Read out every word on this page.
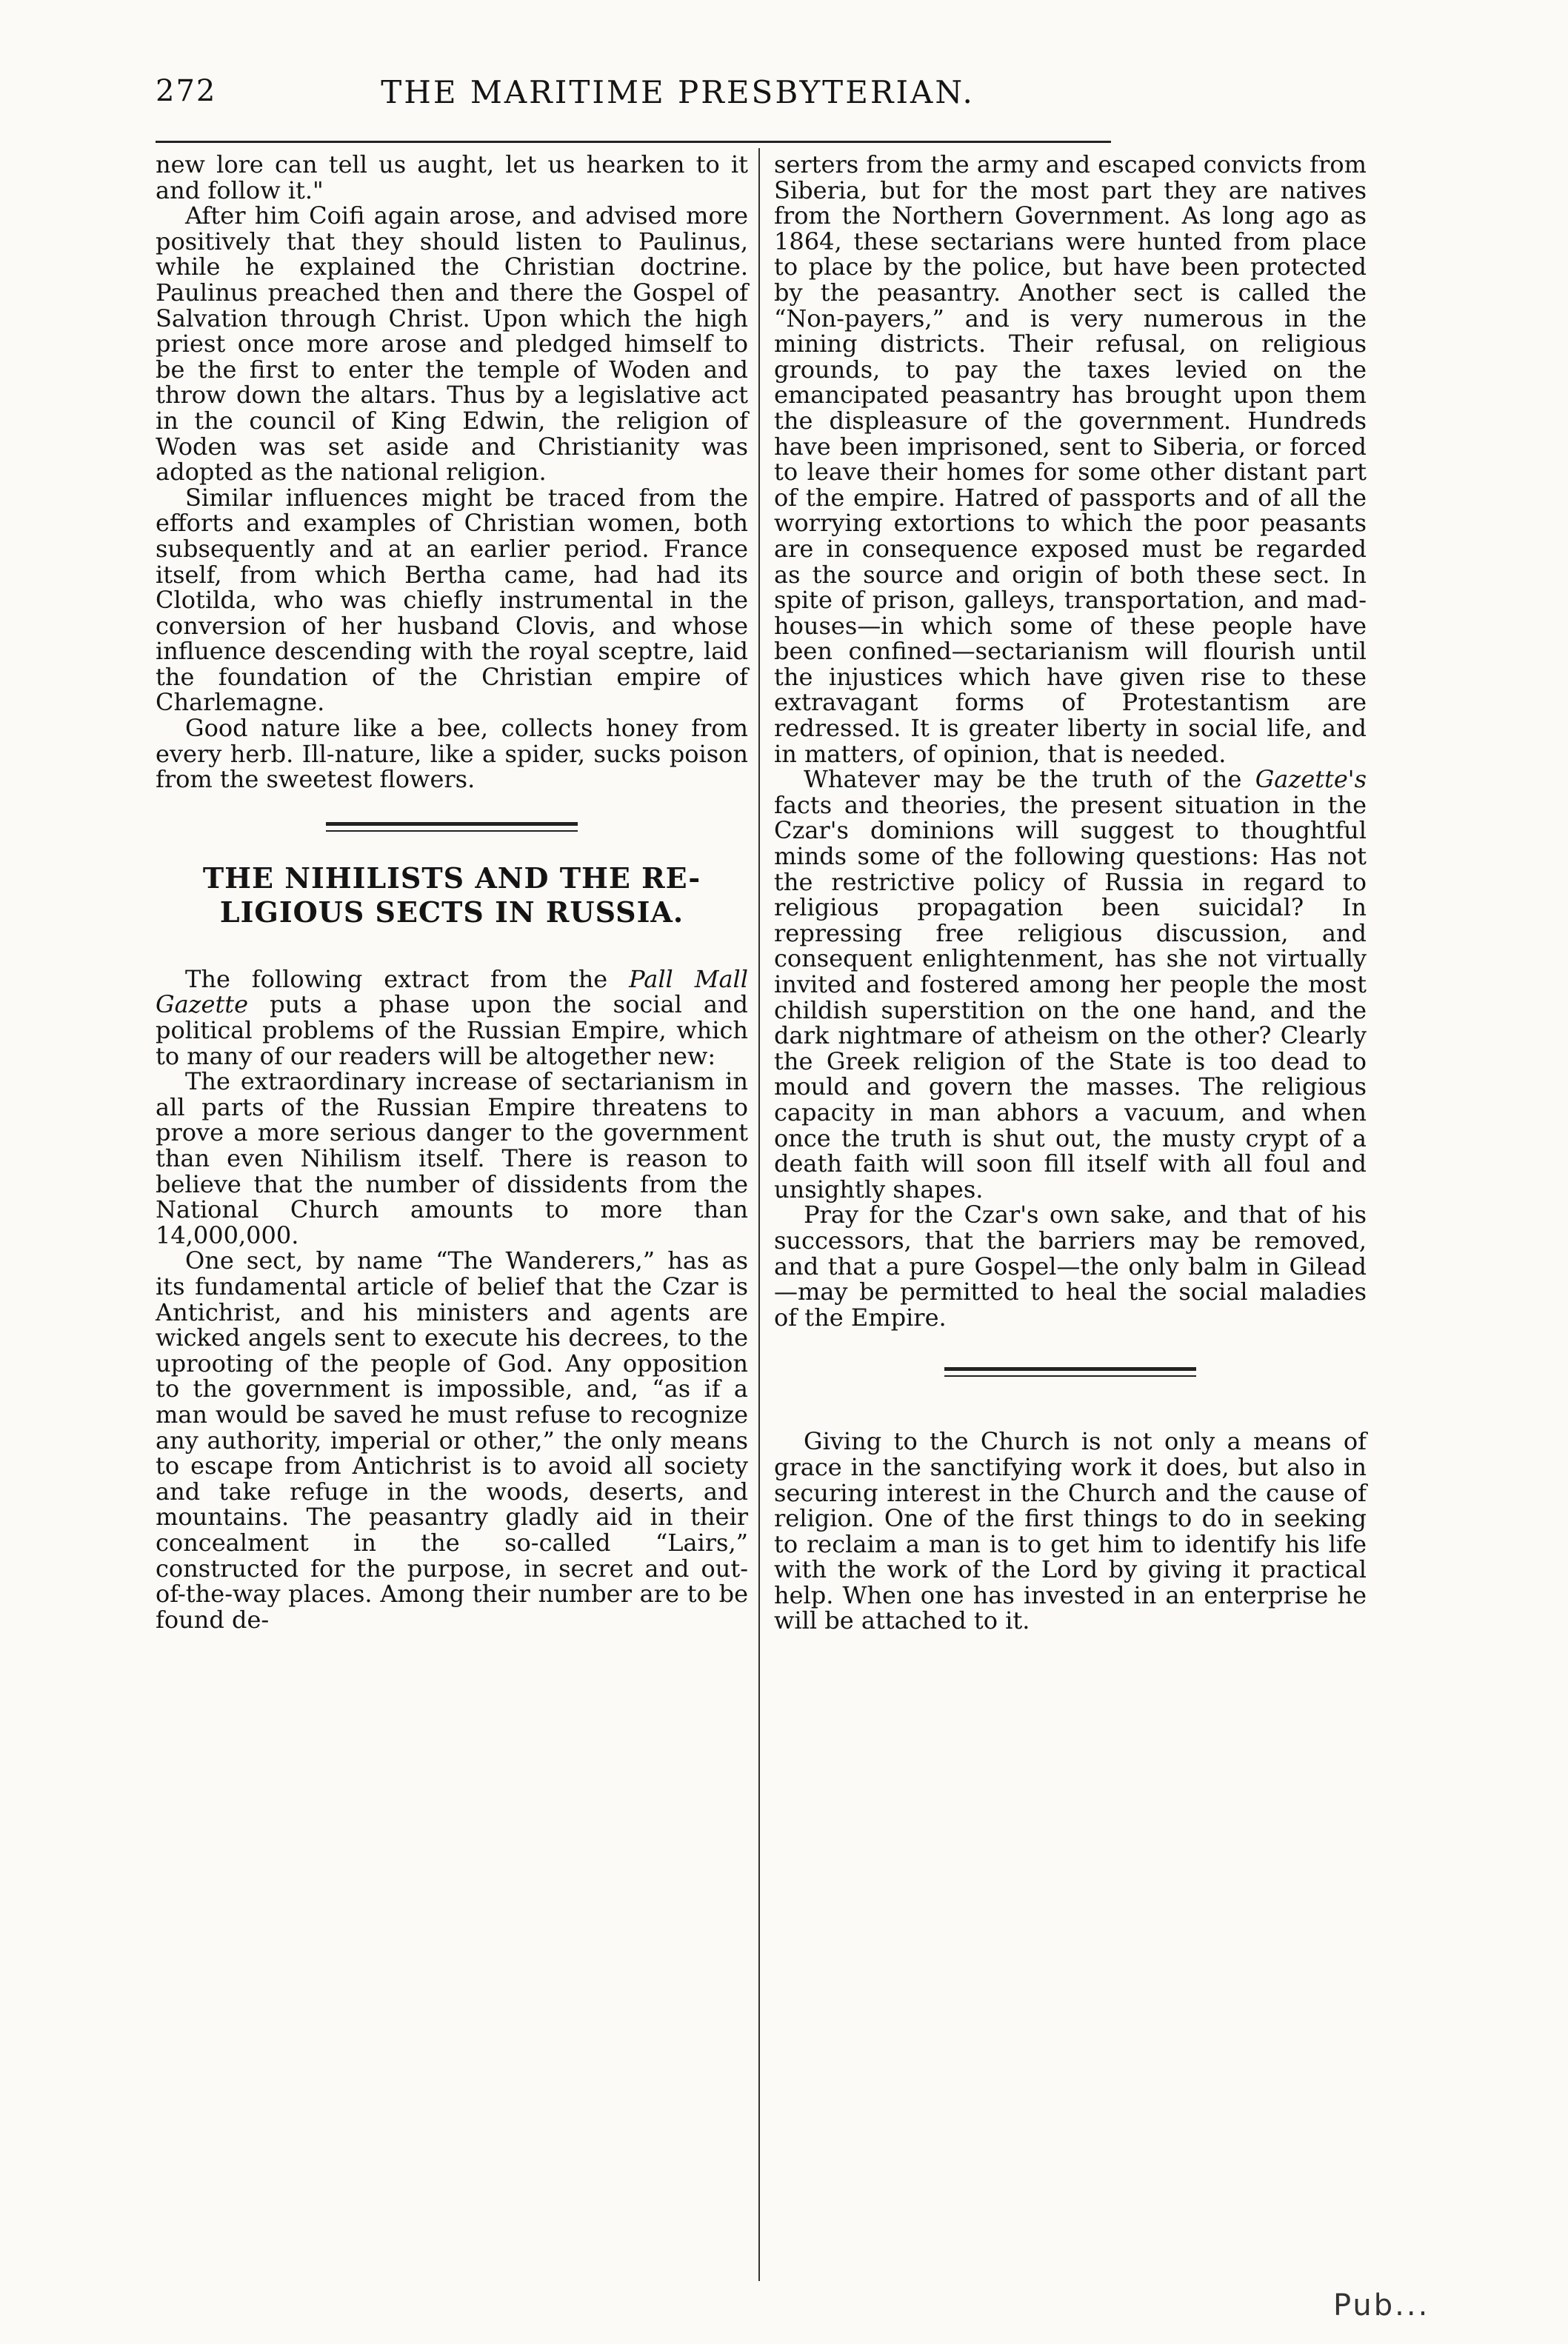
272	THE MARITIME PRESBYTERIAN.

new lore can tell us aught, let us hearken to it and follow it."

After him Coifi again arose, and advised more positively that they should listen to Paulinus, while he explained the Christian doctrine. Paulinus preached then and there the Gospel of Salvation through Christ. Upon which the high priest once more arose and pledged himself to be the first to enter the temple of Woden and throw down the altars. Thus by a legislative act in the council of King Edwin, the religion of Woden was set aside and Christianity was adopted as the national religion.

Similar influences might be traced from the efforts and examples of Christian women, both subsequently and at an earlier period. France itself, from which Bertha came, had had its Clotilda, who was chiefly instrumental in the conversion of her husband Clovis, and whose influence descending with the royal sceptre, laid the foundation of the Christian empire of Charlemagne.

Good nature like a bee, collects honey from every herb. Ill-nature, like a spider, sucks poison from the sweetest flowers.

THE NIHILISTS AND THE RE-
LIGIOUS SECTS IN RUSSIA.

The following extract from the Pall Mall Gazette puts a phase upon the social and political problems of the Russian Empire, which to many of our readers will be altogether new:

The extraordinary increase of sectarianism in all parts of the Russian Empire threatens to prove a more serious danger to the government than even Nihilism itself. There is reason to believe that the number of dissidents from the National Church amounts to more than 14,000,000.

One sect, by name “The Wanderers,” has as its fundamental article of belief that the Czar is Antichrist, and his ministers and agents are wicked angels sent to execute his decrees, to the uprooting of the people of God. Any opposition to the government is impossible, and, “as if a man would be saved he must refuse to recognize any authority, imperial or other,” the only means to escape from Antichrist is to avoid all society and take refuge in the woods, deserts, and mountains. The peasantry gladly aid in their concealment in the so-called “Lairs,” constructed for the purpose, in secret and out-of-the-way places. Among their number are to be found de-

serters from the army and escaped convicts from Siberia, but for the most part they are natives from the Northern Government. As long ago as 1864, these sectarians were hunted from place to place by the police, but have been protected by the peasantry. Another sect is called the “Non-payers,” and is very numerous in the mining districts. Their refusal, on religious grounds, to pay the taxes levied on the emancipated peasantry has brought upon them the displeasure of the government. Hundreds have been imprisoned, sent to Siberia, or forced to leave their homes for some other distant part of the empire. Hatred of passports and of all the worrying extortions to which the poor peasants are in consequence exposed must be regarded as the source and origin of both these sect. In spite of prison, galleys, transportation, and mad-houses—in which some of these people have been confined—sectarianism will flourish until the injustices which have given rise to these extravagant forms of Protestantism are redressed. It is greater liberty in social life, and in matters, of opinion, that is needed.

Whatever may be the truth of the Gazette's facts and theories, the present situation in the Czar's dominions will suggest to thoughtful minds some of the following questions: Has not the restrictive policy of Russia in regard to religious propagation been suicidal? In repressing free religious discussion, and consequent enlightenment, has she not virtually invited and fostered among her people the most childish superstition on the one hand, and the dark nightmare of atheism on the other? Clearly the Greek religion of the State is too dead to mould and govern the masses. The religious capacity in man abhors a vacuum, and when once the truth is shut out, the musty crypt of a death faith will soon fill itself with all foul and unsightly shapes.

Pray for the Czar's own sake, and that of his successors, that the barriers may be removed, and that a pure Gospel—the only balm in Gilead—may be permitted to heal the social maladies of the Empire.

Giving to the Church is not only a means of grace in the sanctifying work it does, but also in securing interest in the Church and the cause of religion. One of the first things to do in seeking to reclaim a man is to get him to identify his life with the work of the Lord by giving it practical help. When one has invested in an enterprise he will be attached to it.

Pub...
